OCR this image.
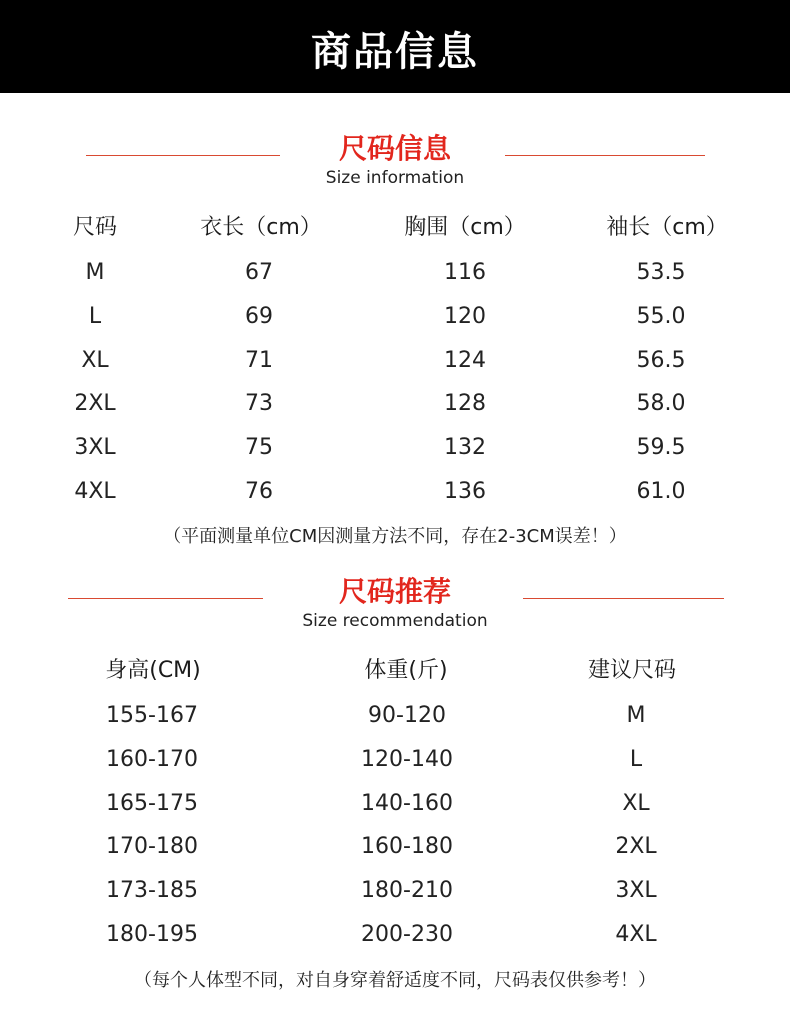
商品信息
尺码信息
Size information
尺码	衣长（cm）	胸围（cm）	袖长（cm）
M	67	116	53.5
L	69	120	55.0
XL	71	124	56.5
2XL	73	128	58.0
3XL	75	132	59.5
4XL	76	136	61.0
（平面测量单位CM因测量方法不同，存在2-3CM误差！）
尺码推荐
Size recommendation
身高(CM)	体重(斤)	建议尺码
155-167	90-120	M
160-170	120-140	L
165-175	140-160	XL
170-180	160-180	2XL
173-185	180-210	3XL
180-195	200-230	4XL
（每个人体型不同，对自身穿着舒适度不同，尺码表仅供参考！）
